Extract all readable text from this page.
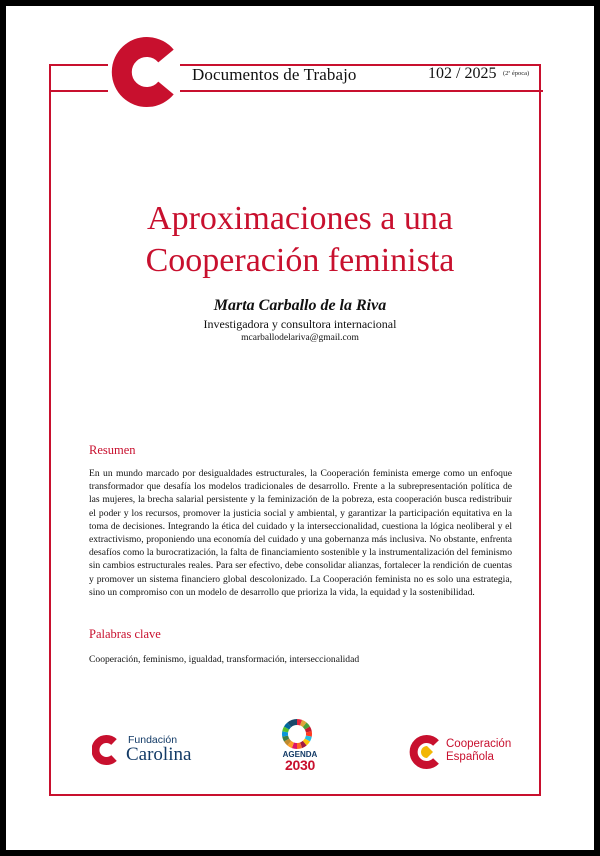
Documentos de Trabajo	102 / 2025 (2ª época)
Aproximaciones a una
Cooperación feminista
Marta Carballo de la Riva
Investigadora y consultora internacional
mcarballodelariva@gmail.com
Resumen
En un mundo marcado por desigualdades estructurales, la Cooperación feminista emerge como un enfoque transformador que desafía los modelos tradicionales de desarrollo. Frente a la subrepresentación política de las mujeres, la brecha salarial persistente y la feminización de la pobreza, esta cooperación busca redistribuir el poder y los recursos, promover la justicia social y ambiental, y garantizar la participación equitativa en la toma de decisiones. Integrando la ética del cuidado y la interseccionalidad, cuestiona la lógica neoliberal y el extractivismo, proponiendo una economía del cuidado y una gobernanza más inclusiva. No obstante, enfrenta desafíos como la burocratización, la falta de financiamiento sostenible y la instrumentalización del feminismo sin cambios estructurales reales. Para ser efectivo, debe consolidar alianzas, fortalecer la rendición de cuentas y promover un sistema financiero global descolonizado. La Cooperación feminista no es solo una estrategia, sino un compromiso con un modelo de desarrollo que prioriza la vida, la equidad y la sostenibilidad.
Palabras clave
Cooperación, feminismo, igualdad, transformación, interseccionalidad
Fundación
Carolina	AGENDA
2030
Cooperación
Española
